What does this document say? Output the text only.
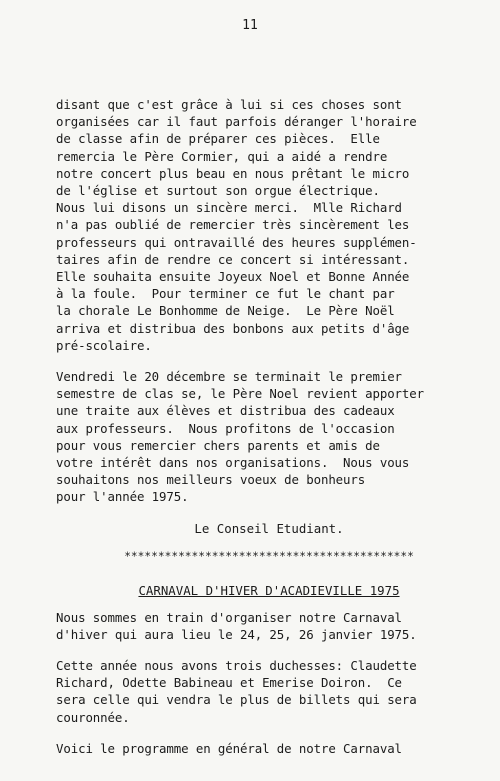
11
disant que c'est grâce à lui si ces choses sont
organisées car il faut parfois déranger l'horaire
de classe afin de préparer ces pièces.  Elle
remercia le Père Cormier, qui a aidé a rendre
notre concert plus beau en nous prêtant le micro
de l'église et surtout son orgue électrique.
Nous lui disons un sincère merci.  Mlle Richard
n'a pas oublié de remercier très sincèrement les
professeurs qui ontravaillé des heures supplémen-
taires afin de rendre ce concert si intéressant.
Elle souhaita ensuite Joyeux Noel et Bonne Année
à la foule.  Pour terminer ce fut le chant par
la chorale Le Bonhomme de Neige.  Le Père Noël
arriva et distribua des bonbons aux petits d'âge
pré-scolaire.
Vendredi le 20 décembre se terminait le premier
semestre de clas se, le Père Noel revient apporter
une traite aux élèves et distribua des cadeaux
aux professeurs.  Nous profitons de l'occasion
pour vous remercier chers parents et amis de
votre intérêt dans nos organisations.  Nous vous
souhaitons nos meilleurs voeux de bonheurs
pour l'année 1975.
Le Conseil Etudiant.
*******************************************
CARNAVAL D'HIVER D'ACADIEVILLE 1975
Nous sommes en train d'organiser notre Carnaval
d'hiver qui aura lieu le 24, 25, 26 janvier 1975.
Cette année nous avons trois duchesses: Claudette
Richard, Odette Babineau et Emerise Doiron.  Ce
sera celle qui vendra le plus de billets qui sera
couronnée.
Voici le programme en général de notre Carnaval
